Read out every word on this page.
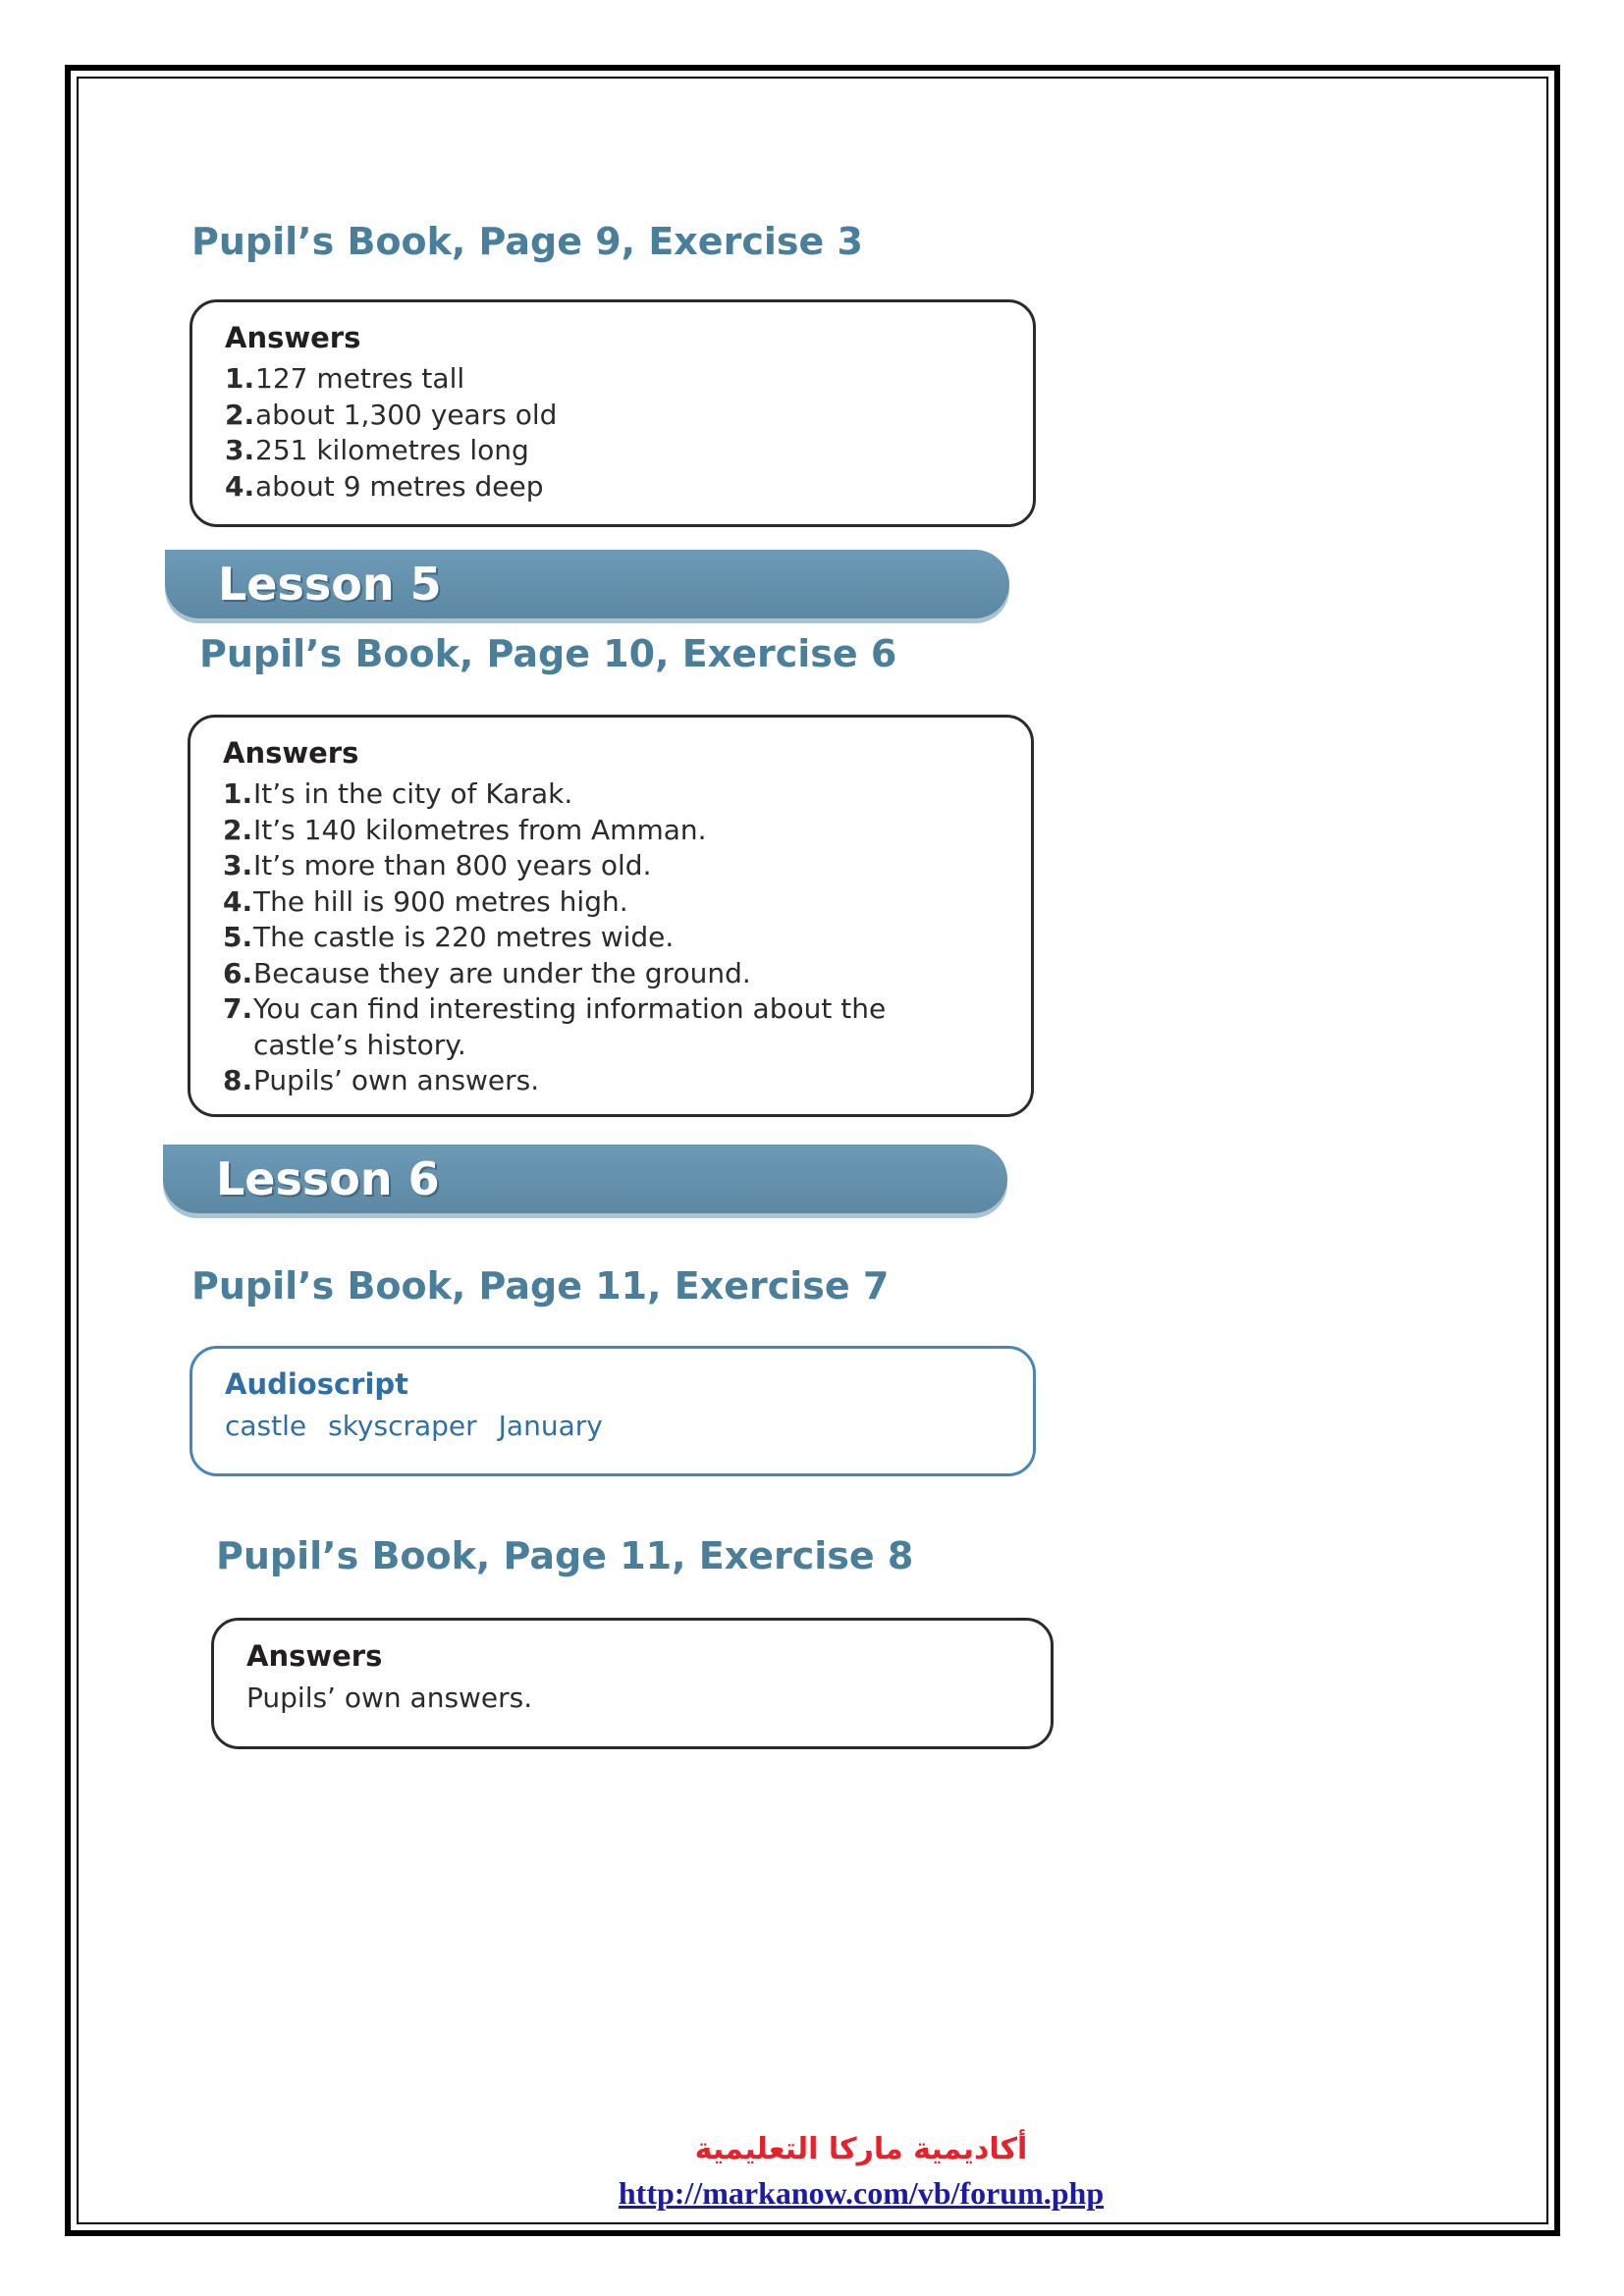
Pupil’s Book, Page 9, Exercise 3
Answers
1.127 metres tall
2.about 1,300 years old
3.251 kilometres long
4.about 9 metres deep
Lesson 5
Pupil’s Book, Page 10, Exercise 6
Answers
1.It’s in the city of Karak.
2.It’s 140 kilometres from Amman.
3.It’s more than 800 years old.
4.The hill is 900 metres high.
5.The castle is 220 metres wide.
6.Because they are under the ground.
7.You can find interesting information about the castle’s history.
8.Pupils’ own answers.
Lesson 6
Pupil’s Book, Page 11, Exercise 7
Audioscript
castle skyscraper January
Pupil’s Book, Page 11, Exercise 8
Answers
Pupils’ own answers.
أكاديمية ماركا التعليمية
http://markanow.com/vb/forum.php
